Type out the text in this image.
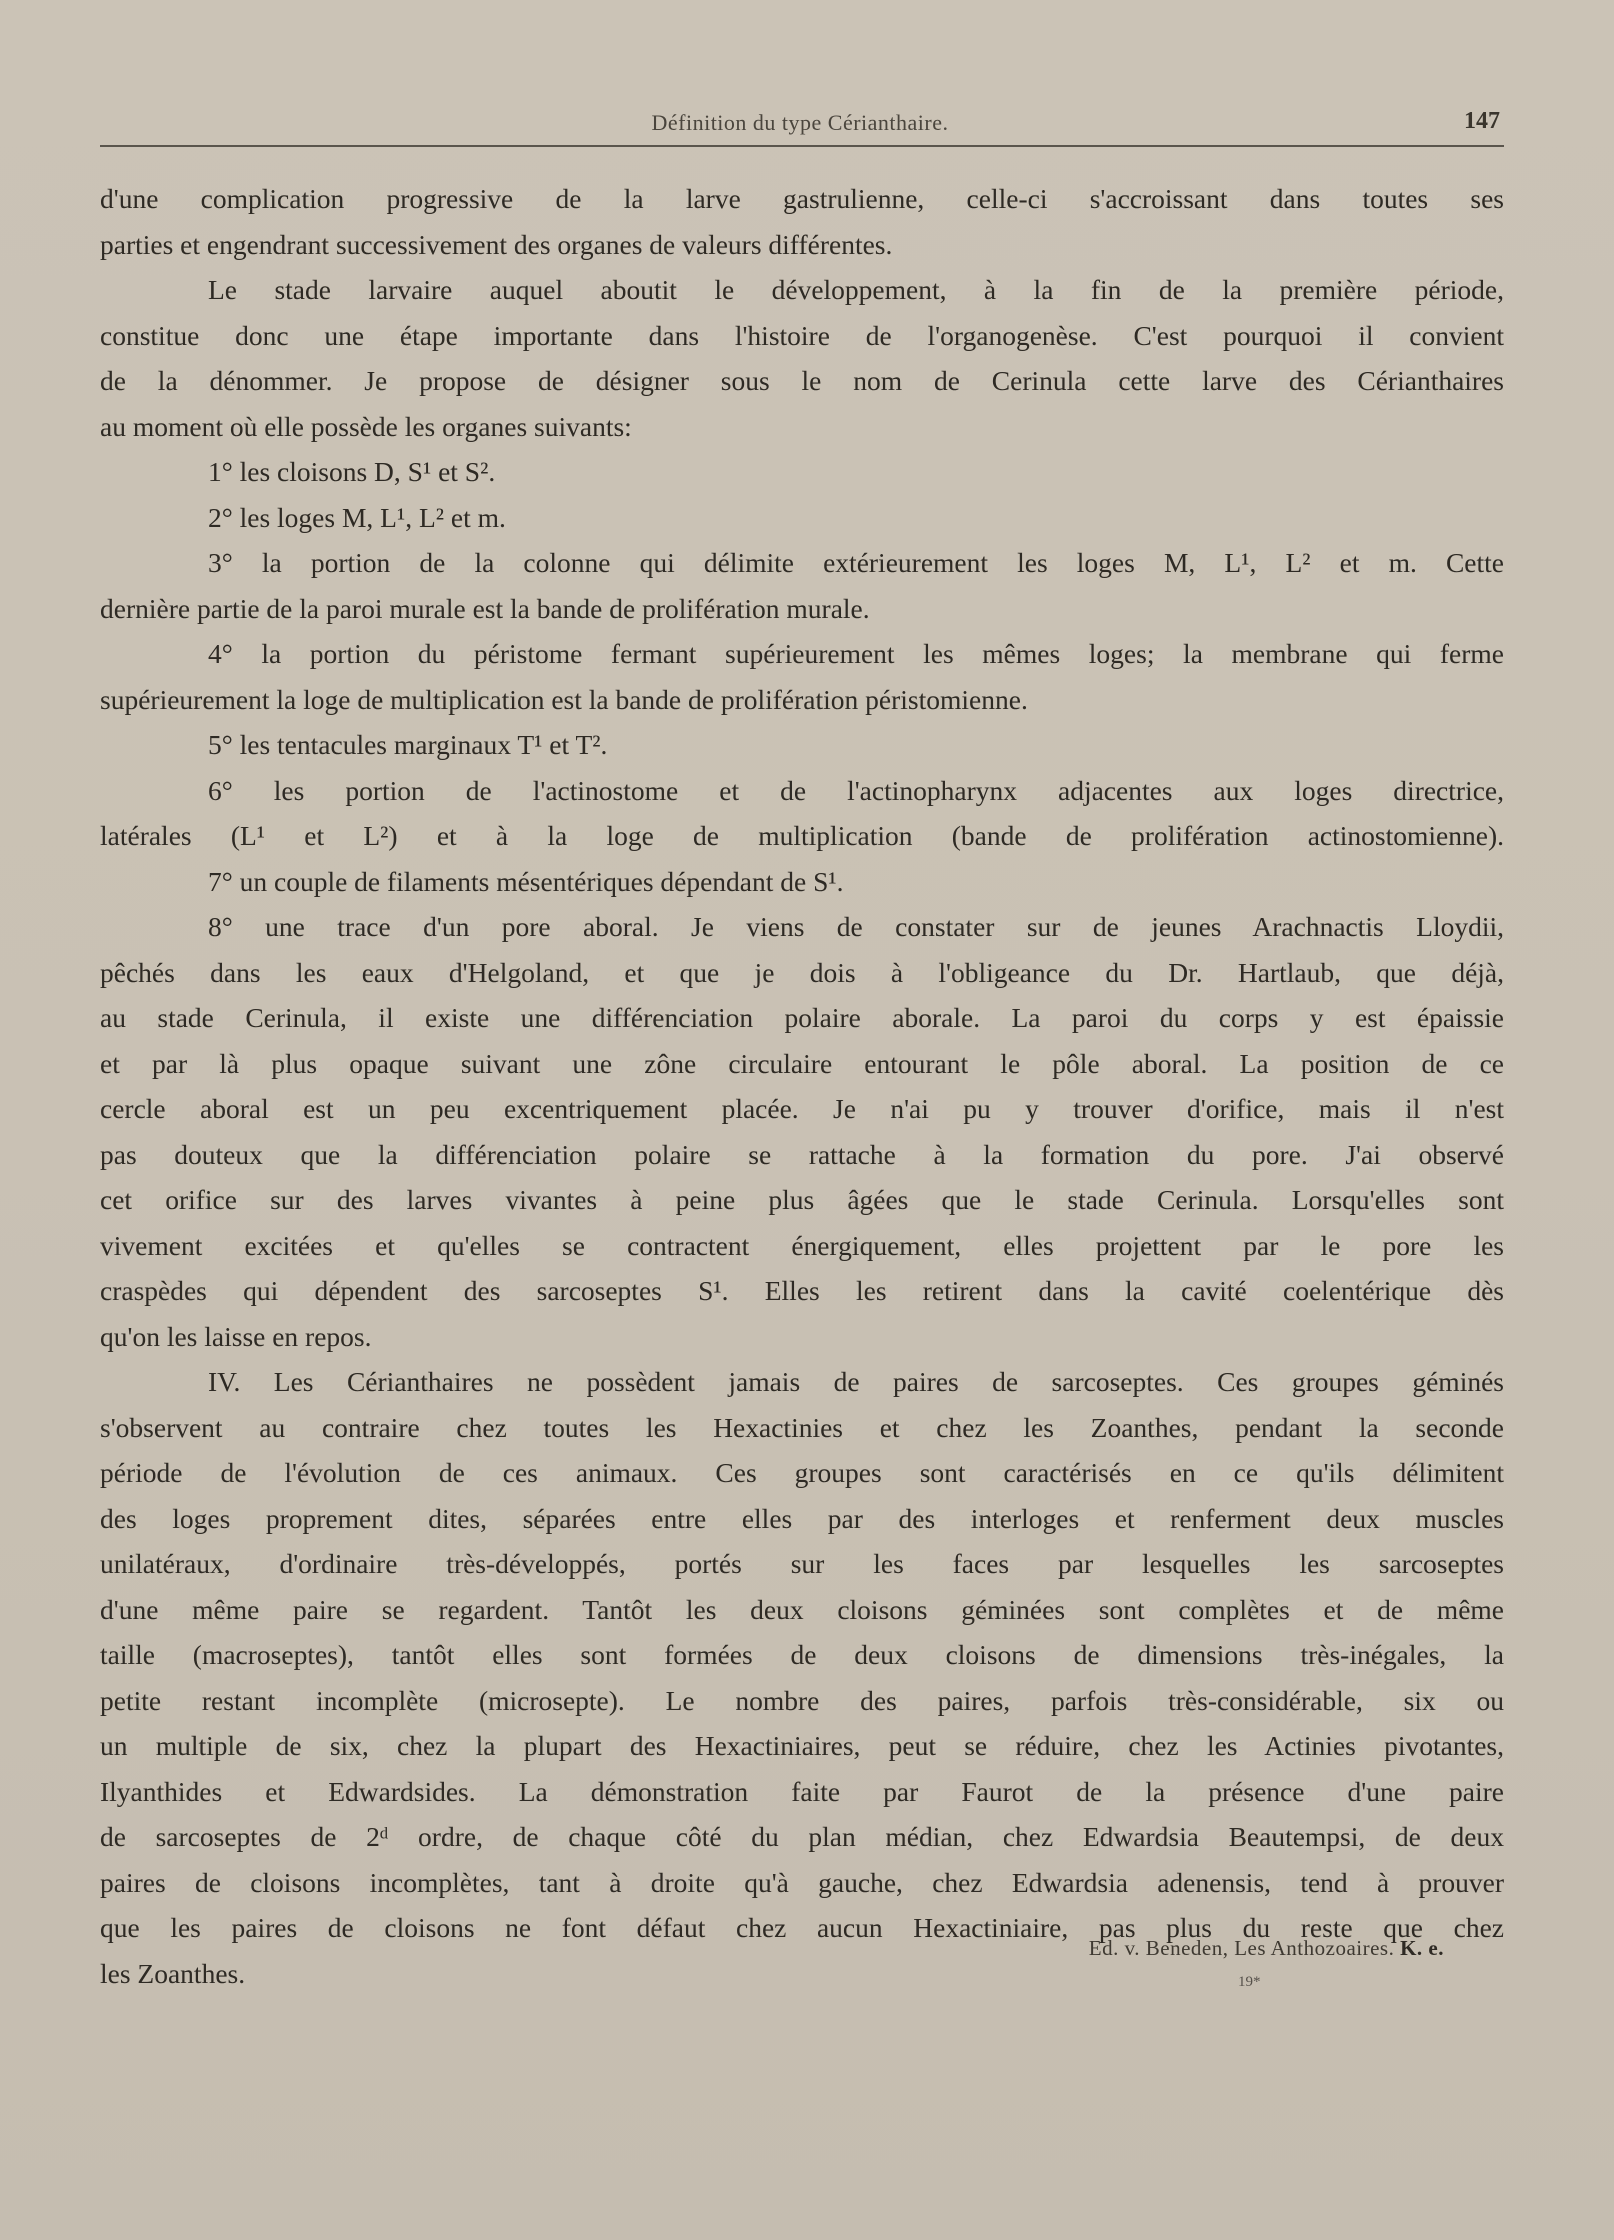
Définition du type Cérianthaire.	147
d'une complication progressive de la larve gastrulienne, celle-ci s'accroissant dans toutes ses
parties et engendrant successivement des organes de valeurs différentes.
Le stade larvaire auquel aboutit le développement, à la fin de la première période,
constitue donc une étape importante dans l'histoire de l'organogenèse. C'est pourquoi il convient
de la dénommer. Je propose de désigner sous le nom de Cerinula cette larve des Cérianthaires
au moment où elle possède les organes suivants:
1° les cloisons D, S¹ et S².
2° les loges M, L¹, L² et m.
3° la portion de la colonne qui délimite extérieurement les loges M, L¹, L² et m. Cette
dernière partie de la paroi murale est la bande de prolifération murale.
4° la portion du péristome fermant supérieurement les mêmes loges; la membrane qui ferme
supérieurement la loge de multiplication est la bande de prolifération péristomienne.
5° les tentacules marginaux T¹ et T².
6° les portion de l'actinostome et de l'actinopharynx adjacentes aux loges directrice,
latérales (L¹ et L²) et à la loge de multiplication (bande de prolifération actinostomienne).
7° un couple de filaments mésentériques dépendant de S¹.
8° une trace d'un pore aboral. Je viens de constater sur de jeunes Arachnactis Lloydii,
pêchés dans les eaux d'Helgoland, et que je dois à l'obligeance du Dr. Hartlaub, que déjà,
au stade Cerinula, il existe une différenciation polaire aborale. La paroi du corps y est épaissie
et par là plus opaque suivant une zône circulaire entourant le pôle aboral. La position de ce
cercle aboral est un peu excentriquement placée. Je n'ai pu y trouver d'orifice, mais il n'est
pas douteux que la différenciation polaire se rattache à la formation du pore. J'ai observé
cet orifice sur des larves vivantes à peine plus âgées que le stade Cerinula. Lorsqu'elles sont
vivement excitées et qu'elles se contractent énergiquement, elles projettent par le pore les
craspèdes qui dépendent des sarcoseptes S¹. Elles les retirent dans la cavité coelentérique dès
qu'on les laisse en repos.
IV. Les Cérianthaires ne possèdent jamais de paires de sarcoseptes. Ces groupes géminés
s'observent au contraire chez toutes les Hexactinies et chez les Zoanthes, pendant la seconde
période de l'évolution de ces animaux. Ces groupes sont caractérisés en ce qu'ils délimitent
des loges proprement dites, séparées entre elles par des interloges et renferment deux muscles
unilatéraux, d'ordinaire très-développés, portés sur les faces par lesquelles les sarcoseptes
d'une même paire se regardent. Tantôt les deux cloisons géminées sont complètes et de même
taille (macroseptes), tantôt elles sont formées de deux cloisons de dimensions très-inégales, la
petite restant incomplète (microsepte). Le nombre des paires, parfois très-considérable, six ou
un multiple de six, chez la plupart des Hexactiniaires, peut se réduire, chez les Actinies pivotantes,
Ilyanthides et Edwardsides. La démonstration faite par Faurot de la présence d'une paire
de sarcoseptes de 2ᵈ ordre, de chaque côté du plan médian, chez Edwardsia Beautempsi, de deux
paires de cloisons incomplètes, tant à droite qu'à gauche, chez Edwardsia adenensis, tend à prouver
que les paires de cloisons ne font défaut chez aucun Hexactiniaire, pas plus du reste que chez
les Zoanthes.
Ed. v. Beneden, Les Anthozoaires. K. e.
19*
